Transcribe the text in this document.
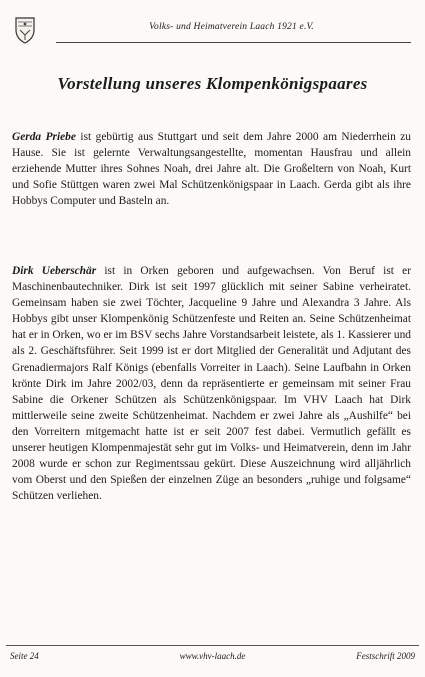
Volks- und Heimatverein Laach 1921 e.V.
Vorstellung unseres Klompenkönigspaares
Gerda Priebe ist gebürtig aus Stuttgart und seit dem Jahre 2000 am Niederrhein zu Hause. Sie ist gelernte Verwaltungsangestellte, momentan Hausfrau und allein erziehende Mutter ihres Sohnes Noah, drei Jahre alt. Die Großeltern von Noah, Kurt und Sofie Stüttgen waren zwei Mal Schützenkönigspaar in Laach. Gerda gibt als ihre Hobbys Computer und Basteln an.
Dirk Ueberschär ist in Orken geboren und aufgewachsen. Von Beruf ist er Maschinenbautechniker. Dirk ist seit 1997 glücklich mit seiner Sabine verheiratet. Gemeinsam haben sie zwei Töchter, Jacqueline 9 Jahre und Alexandra 3 Jahre. Als Hobbys gibt unser Klompenkönig Schützenfeste und Reiten an. Seine Schützenheimat hat er in Orken, wo er im BSV sechs Jahre Vorstandsarbeit leistete, als 1. Kassierer und als 2. Geschäftsführer. Seit 1999 ist er dort Mitglied der Generalität und Adjutant des Grenadiermajors Ralf Königs (ebenfalls Vorreiter in Laach). Seine Laufbahn in Orken krönte Dirk im Jahre 2002/03, denn da repräsentierte er gemeinsam mit seiner Frau Sabine die Orkener Schützen als Schützenkönigspaar. Im VHV Laach hat Dirk mittlerweile seine zweite Schützenheimat. Nachdem er zwei Jahre als „Aushilfe“ bei den Vorreitern mitgemacht hatte ist er seit 2007 fest dabei. Vermutlich gefällt es unserer heutigen Klompenmajestät sehr gut im Volks- und Heimatverein, denn im Jahr 2008 wurde er schon zur Regimentssau gekürt. Diese Auszeichnung wird alljährlich vom Oberst und den Spießen der einzelnen Züge an besonders „ruhige und folgsame“ Schützen verliehen.
Seite 24	www.vhv-laach.de	Festschrift 2009
